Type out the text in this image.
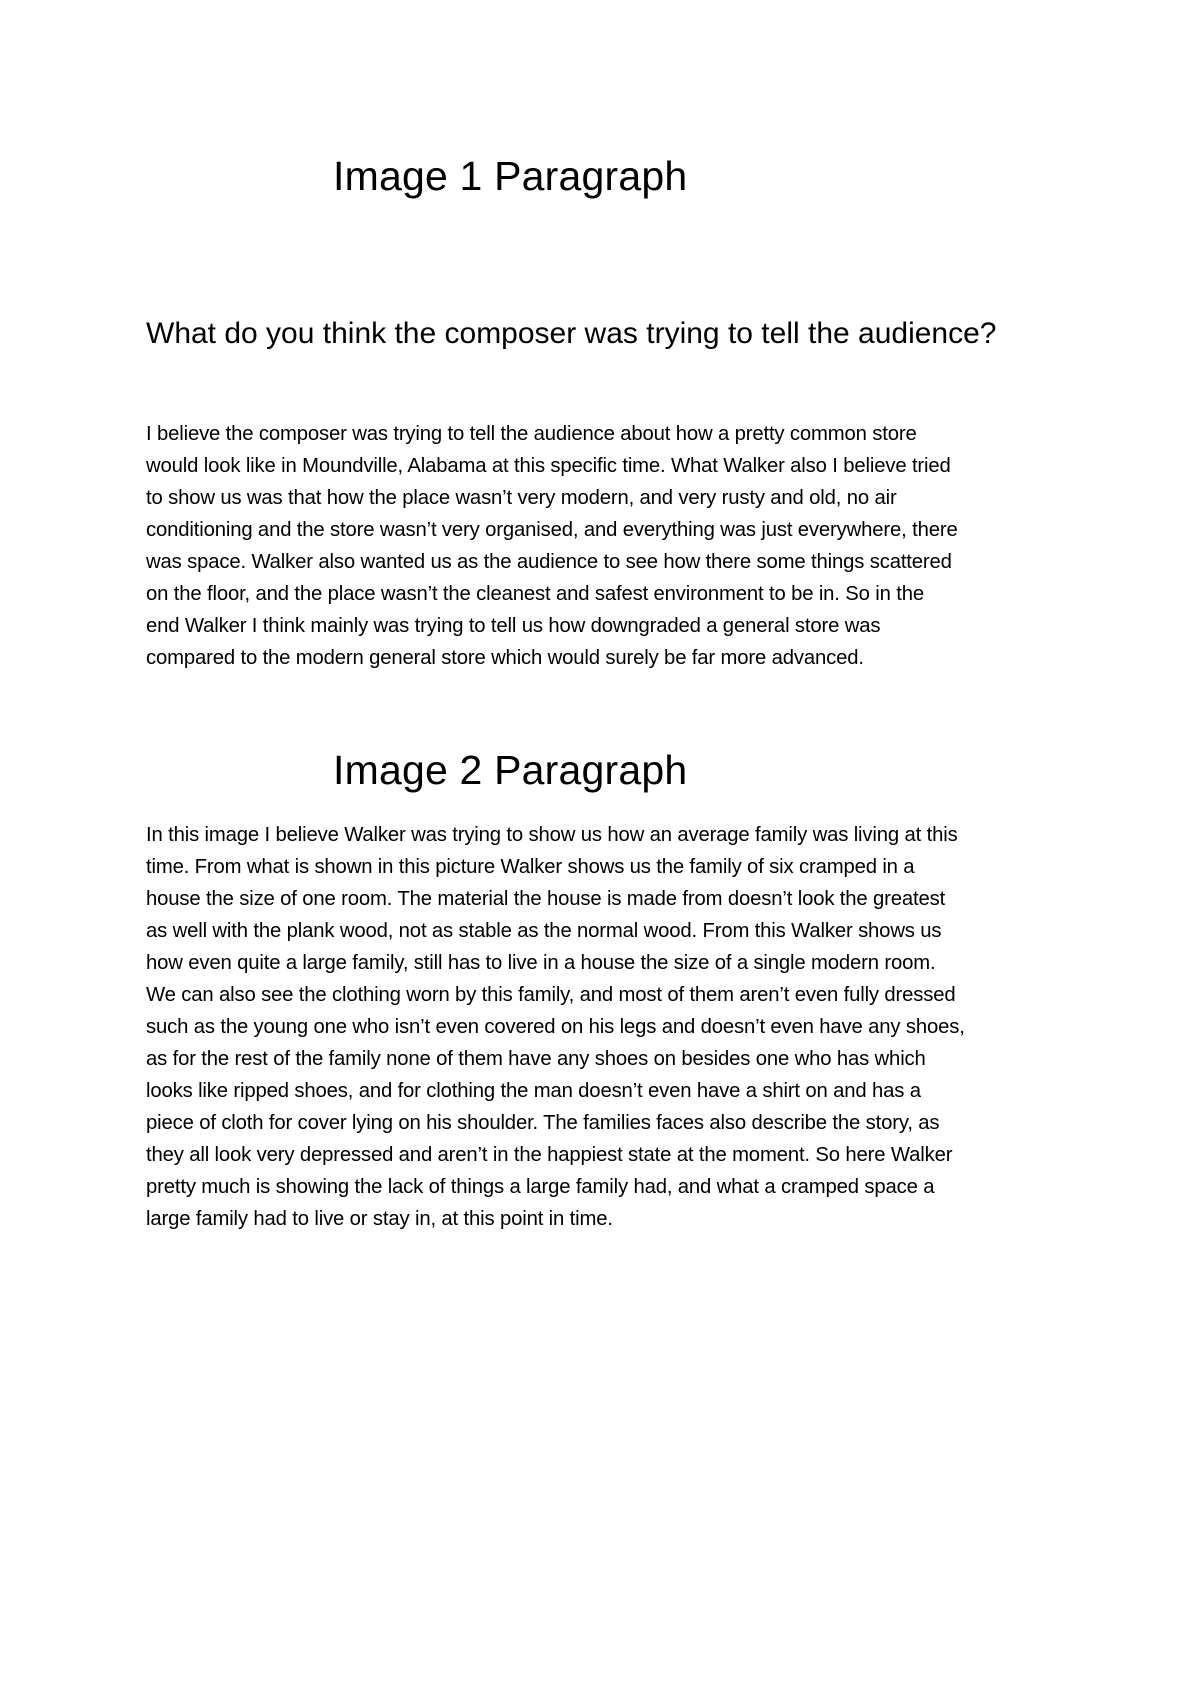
Image 1 Paragraph
What do you think the composer was trying to tell the audience?

I believe the composer was trying to tell the audience about how a pretty common store
would look like in Moundville, Alabama at this specific time. What Walker also I believe tried
to show us was that how the place wasn’t very modern, and very rusty and old, no air
conditioning and the store wasn’t very organised, and everything was just everywhere, there
was space. Walker also wanted us as the audience to see how there some things scattered
on the floor, and the place wasn’t the cleanest and safest environment to be in. So in the
end Walker I think mainly was trying to tell us how downgraded a general store was
compared to the modern general store which would surely be far more advanced.

Image 2 Paragraph

In this image I believe Walker was trying to show us how an average family was living at this
time. From what is shown in this picture Walker shows us the family of six cramped in a
house the size of one room. The material the house is made from doesn’t look the greatest
as well with the plank wood, not as stable as the normal wood. From this Walker shows us
how even quite a large family, still has to live in a house the size of a single modern room.
We can also see the clothing worn by this family, and most of them aren’t even fully dressed
such as the young one who isn’t even covered on his legs and doesn’t even have any shoes,
as for the rest of the family none of them have any shoes on besides one who has which
looks like ripped shoes, and for clothing the man doesn’t even have a shirt on and has a
piece of cloth for cover lying on his shoulder. The families faces also describe the story, as
they all look very depressed and aren’t in the happiest state at the moment. So here Walker
pretty much is showing the lack of things a large family had, and what a cramped space a
large family had to live or stay in, at this point in time.
